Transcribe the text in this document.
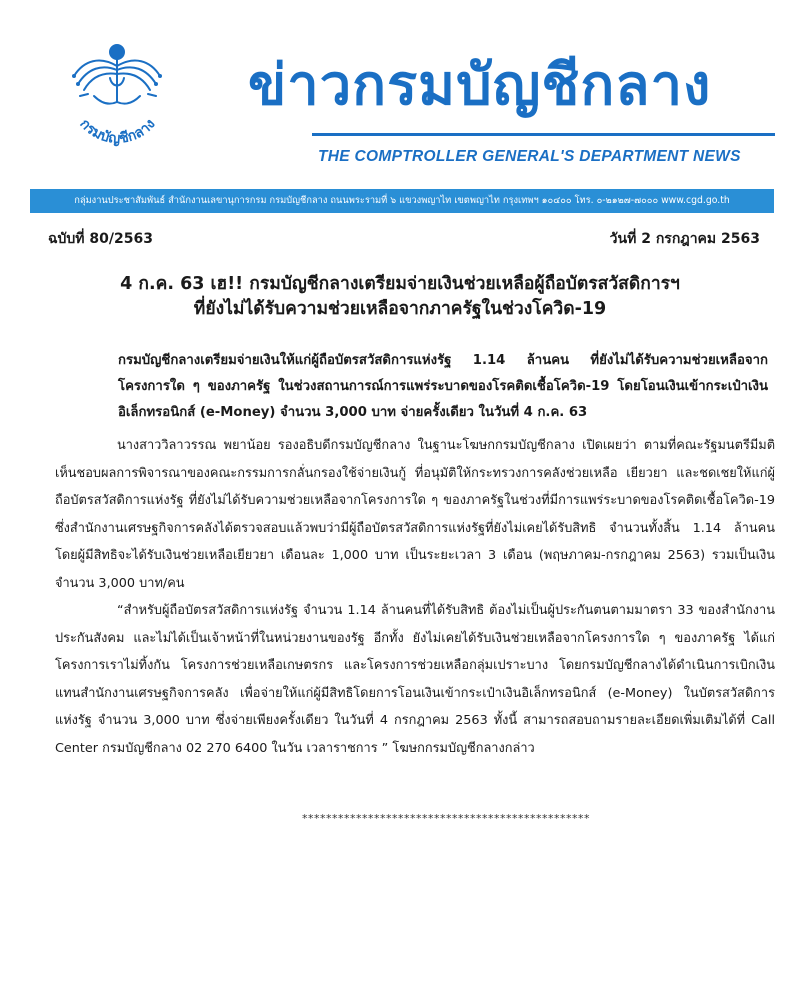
กรมบัญชีกลาง
ข่าวกรมบัญชีกลาง
THE COMPTROLLER GENERAL'S DEPARTMENT NEWS
กลุ่มงานประชาสัมพันธ์ สำนักงานเลขานุการกรม กรมบัญชีกลาง ถนนพระรามที่ ๖ แขวงพญาไท เขตพญาไท กรุงเทพฯ ๑๐๔๐๐ โทร. ๐-๒๑๒๗-๗๐๐๐ www.cgd.go.th
ฉบับที่ 80/2563	วันที่ 2 กรกฎาคม 2563
4 ก.ค. 63 เฮ!! กรมบัญชีกลางเตรียมจ่ายเงินช่วยเหลือผู้ถือบัตรสวัสดิการฯ
ที่ยังไม่ได้รับความช่วยเหลือจากภาครัฐในช่วงโควิด-19
กรมบัญชีกลางเตรียมจ่ายเงินให้แก่ผู้ถือบัตรสวัสดิการแห่งรัฐ 1.14 ล้านคน ที่ยังไม่ได้รับความช่วยเหลือจากโครงการใด ๆ ของภาครัฐ ในช่วงสถานการณ์การแพร่ระบาดของโรคติดเชื้อโควิด-19 โดยโอนเงินเข้ากระเป๋าเงินอิเล็กทรอนิกส์ (e-Money) จำนวน 3,000 บาท จ่ายครั้งเดียว ในวันที่ 4 ก.ค. 63
นางสาววิลาวรรณ พยาน้อย รองอธิบดีกรมบัญชีกลาง ในฐานะโฆษกกรมบัญชีกลาง เปิดเผยว่า ตามที่คณะรัฐมนตรีมีมติเห็นชอบผลการพิจารณาของคณะกรรมการกลั่นกรองใช้จ่ายเงินกู้ ที่อนุมัติให้กระทรวงการคลังช่วยเหลือ เยียวยา และชดเชยให้แก่ผู้ถือบัตรสวัสดิการแห่งรัฐ ที่ยังไม่ได้รับความช่วยเหลือจากโครงการใด ๆ ของภาครัฐในช่วงที่มีการแพร่ระบาดของโรคติดเชื้อโควิด-19 ซึ่งสำนักงานเศรษฐกิจการคลังได้ตรวจสอบแล้วพบว่ามีผู้ถือบัตรสวัสดิการแห่งรัฐที่ยังไม่เคยได้รับสิทธิ จำนวนทั้งสิ้น 1.14 ล้านคน โดยผู้มีสิทธิจะได้รับเงินช่วยเหลือเยียวยา เดือนละ 1,000 บาท เป็นระยะเวลา 3 เดือน (พฤษภาคม-กรกฎาคม 2563) รวมเป็นเงินจำนวน 3,000 บาท/คน
“สำหรับผู้ถือบัตรสวัสดิการแห่งรัฐ จำนวน 1.14 ล้านคนที่ได้รับสิทธิ ต้องไม่เป็นผู้ประกันตนตามมาตรา 33 ของสำนักงานประกันสังคม และไม่ได้เป็นเจ้าหน้าที่ในหน่วยงานของรัฐ อีกทั้ง ยังไม่เคยได้รับเงินช่วยเหลือจากโครงการใด ๆ ของภาครัฐ ได้แก่ โครงการเราไม่ทิ้งกัน โครงการช่วยเหลือเกษตรกร และโครงการช่วยเหลือกลุ่มเปราะบาง โดยกรมบัญชีกลางได้ดำเนินการเบิกเงินแทนสำนักงานเศรษฐกิจการคลัง เพื่อจ่ายให้แก่ผู้มีสิทธิโดยการโอนเงินเข้ากระเป๋าเงินอิเล็กทรอนิกส์ (e-Money) ในบัตรสวัสดิการแห่งรัฐ จำนวน 3,000 บาท ซึ่งจ่ายเพียงครั้งเดียว ในวันที่ 4 กรกฎาคม 2563 ทั้งนี้ สามารถสอบถามรายละเอียดเพิ่มเติมได้ที่ Call Center กรมบัญชีกลาง 02 270 6400 ในวัน เวลาราชการ ” โฆษกกรมบัญชีกลางกล่าว
************************************************
